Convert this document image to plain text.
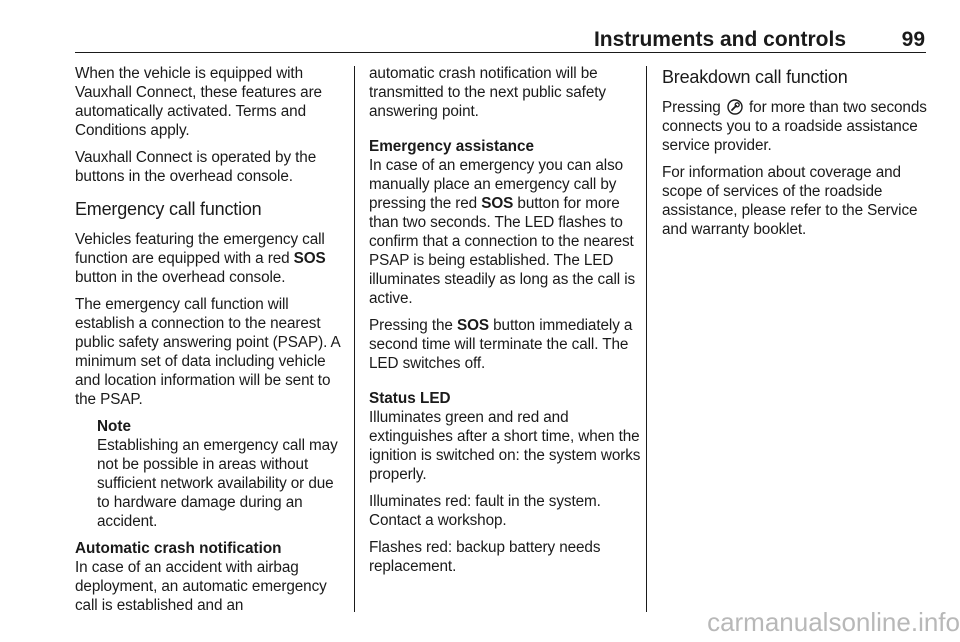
Instruments and controls	99

When the vehicle is equipped with Vauxhall Connect, these features are automatically activated. Terms and Conditions apply.

Vauxhall Connect is operated by the buttons in the overhead console.

Emergency call function

Vehicles featuring the emergency call function are equipped with a red SOS button in the overhead console.

The emergency call function will establish a connection to the nearest public safety answering point (PSAP). A minimum set of data including vehicle and location information will be sent to the PSAP.

Note

Establishing an emergency call may not be possible in areas without sufficient network availability or due to hardware damage during an accident.

Automatic crash notification

In case of an accident with airbag deployment, an automatic emergency call is established and an

automatic crash notification will be transmitted to the next public safety answering point.

Emergency assistance

In case of an emergency you can also manually place an emergency call by pressing the red SOS button for more than two seconds. The LED flashes to confirm that a connection to the nearest PSAP is being established. The LED illuminates steadily as long as the call is active.

Pressing the SOS button immediately a second time will terminate the call. The LED switches off.

Status LED

Illuminates green and red and extinguishes after a short time, when the ignition is switched on: the system works properly.

Illuminates red: fault in the system. Contact a workshop.

Flashes red: backup battery needs replacement.

Breakdown call function

Pressing  for more than two seconds connects you to a roadside assistance service provider.

For information about coverage and scope of services of the roadside assistance, please refer to the Service and warranty booklet.

carmanualsonline.info
